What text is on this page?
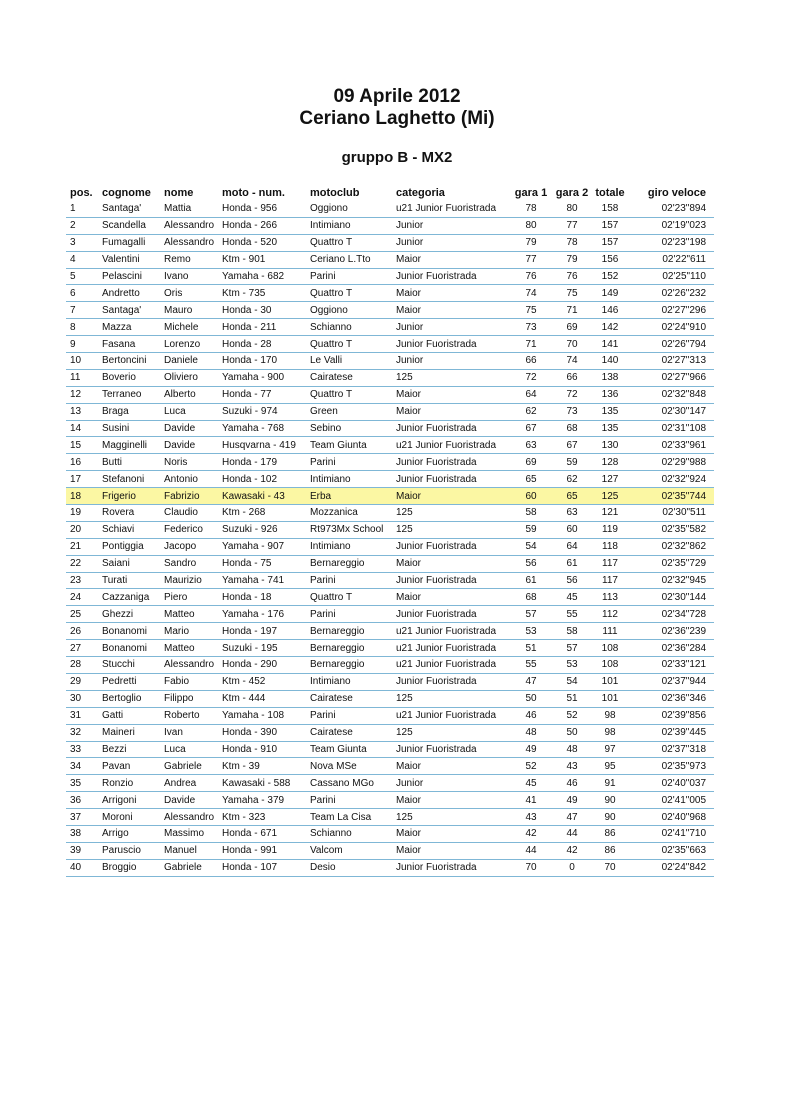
09 Aprile 2012
Ceriano Laghetto (Mi)
gruppo B - MX2
pos.	cognome	nome	moto - num.	motoclub	categoria	gara 1	gara 2	totale	giro veloce
1	Santaga'	Mattia	Honda - 956	Oggiono	u21 Junior Fuoristrada	78	80	158	02'23"894
2	Scandella	Alessandro	Honda - 266	Intimiano	Junior	80	77	157	02'19"023
3	Fumagalli	Alessandro	Honda - 520	Quattro T	Junior	79	78	157	02'23"198
4	Valentini	Remo	Ktm - 901	Ceriano L.Tto	Maior	77	79	156	02'22"611
5	Pelascini	Ivano	Yamaha - 682	Parini	Junior Fuoristrada	76	76	152	02'25"110
6	Andretto	Oris	Ktm - 735	Quattro T	Maior	74	75	149	02'26"232
7	Santaga'	Mauro	Honda - 30	Oggiono	Maior	75	71	146	02'27"296
8	Mazza	Michele	Honda - 211	Schianno	Junior	73	69	142	02'24"910
9	Fasana	Lorenzo	Honda - 28	Quattro T	Junior Fuoristrada	71	70	141	02'26"794
10	Bertoncini	Daniele	Honda - 170	Le Valli	Junior	66	74	140	02'27"313
11	Boverio	Oliviero	Yamaha - 900	Cairatese	125	72	66	138	02'27"966
12	Terraneo	Alberto	Honda - 77	Quattro T	Maior	64	72	136	02'32"848
13	Braga	Luca	Suzuki - 974	Green	Maior	62	73	135	02'30"147
14	Susini	Davide	Yamaha - 768	Sebino	Junior Fuoristrada	67	68	135	02'31"108
15	Magginelli	Davide	Husqvarna - 419	Team Giunta	u21 Junior Fuoristrada	63	67	130	02'33"961
16	Butti	Noris	Honda - 179	Parini	Junior Fuoristrada	69	59	128	02'29"988
17	Stefanoni	Antonio	Honda - 102	Intimiano	Junior Fuoristrada	65	62	127	02'32"924
18	Frigerio	Fabrizio	Kawasaki - 43	Erba	Maior	60	65	125	02'35"744
19	Rovera	Claudio	Ktm - 268	Mozzanica	125	58	63	121	02'30"511
20	Schiavi	Federico	Suzuki - 926	Rt973Mx School	125	59	60	119	02'35"582
21	Pontiggia	Jacopo	Yamaha - 907	Intimiano	Junior Fuoristrada	54	64	118	02'32"862
22	Saiani	Sandro	Honda - 75	Bernareggio	Maior	56	61	117	02'35"729
23	Turati	Maurizio	Yamaha - 741	Parini	Junior Fuoristrada	61	56	117	02'32"945
24	Cazzaniga	Piero	Honda - 18	Quattro T	Maior	68	45	113	02'30"144
25	Ghezzi	Matteo	Yamaha - 176	Parini	Junior Fuoristrada	57	55	112	02'34"728
26	Bonanomi	Mario	Honda - 197	Bernareggio	u21 Junior Fuoristrada	53	58	111	02'36"239
27	Bonanomi	Matteo	Suzuki - 195	Bernareggio	u21 Junior Fuoristrada	51	57	108	02'36"284
28	Stucchi	Alessandro	Honda - 290	Bernareggio	u21 Junior Fuoristrada	55	53	108	02'33"121
29	Pedretti	Fabio	Ktm - 452	Intimiano	Junior Fuoristrada	47	54	101	02'37"944
30	Bertoglio	Filippo	Ktm - 444	Cairatese	125	50	51	101	02'36"346
31	Gatti	Roberto	Yamaha - 108	Parini	u21 Junior Fuoristrada	46	52	98	02'39"856
32	Maineri	Ivan	Honda - 390	Cairatese	125	48	50	98	02'39"445
33	Bezzi	Luca	Honda - 910	Team Giunta	Junior Fuoristrada	49	48	97	02'37"318
34	Pavan	Gabriele	Ktm - 39	Nova MSe	Maior	52	43	95	02'35"973
35	Ronzio	Andrea	Kawasaki - 588	Cassano MGo	Junior	45	46	91	02'40"037
36	Arrigoni	Davide	Yamaha - 379	Parini	Maior	41	49	90	02'41"005
37	Moroni	Alessandro	Ktm - 323	Team La Cisa	125	43	47	90	02'40"968
38	Arrigo	Massimo	Honda - 671	Schianno	Maior	42	44	86	02'41"710
39	Paruscio	Manuel	Honda - 991	Valcom	Maior	44	42	86	02'35"663
40	Broggio	Gabriele	Honda - 107	Desio	Junior Fuoristrada	70	0	70	02'24"842
